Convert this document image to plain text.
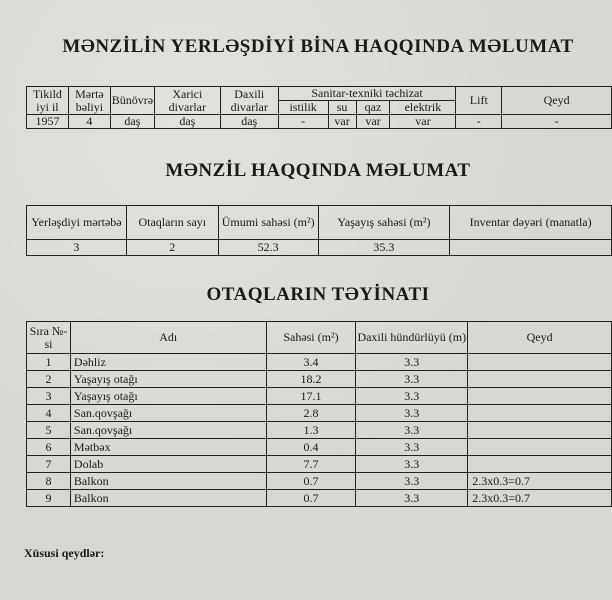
MƏNZİLİN YERLƏŞDİYİ BİNA HAQQINDA MƏLUMAT
Tikild iyi il	Mərtə bəliyi	Bünövrə	Xarici divarlar	Daxili divarlar	Sanitar-texniki təchizat				Lift	Qeyd
					istilik	su	qaz	elektrik		
1957	4	daş	daş	daş	-	var	var	var	-	-
MƏNZİL HAQQINDA MƏLUMAT
Yerləşdiyi mərtəbə	Otaqların sayı	Ümumi sahəsi (m²)	Yaşayış sahəsi (m²)	Inventar dəyəri (manatla)
3	2	52.3	35.3	
OTAQLARIN TƏYİNATI
Sıra №-si	Adı	Sahəsi (m²)	Daxili hündürlüyü (m)	Qeyd
1	Dəhliz	3.4	3.3	
2	Yaşayış otağı	18.2	3.3	
3	Yaşayış otağı	17.1	3.3	
4	San.qovşağı	2.8	3.3	
5	San.qovşağı	1.3	3.3	
6	Mətbəx	0.4	3.3	
7	Dolab	7.7	3.3	
8	Balkon	0.7	3.3	2.3x0.3=0.7
9	Balkon	0.7	3.3	2.3x0.3=0.7
Xüsusi qeydlər:
